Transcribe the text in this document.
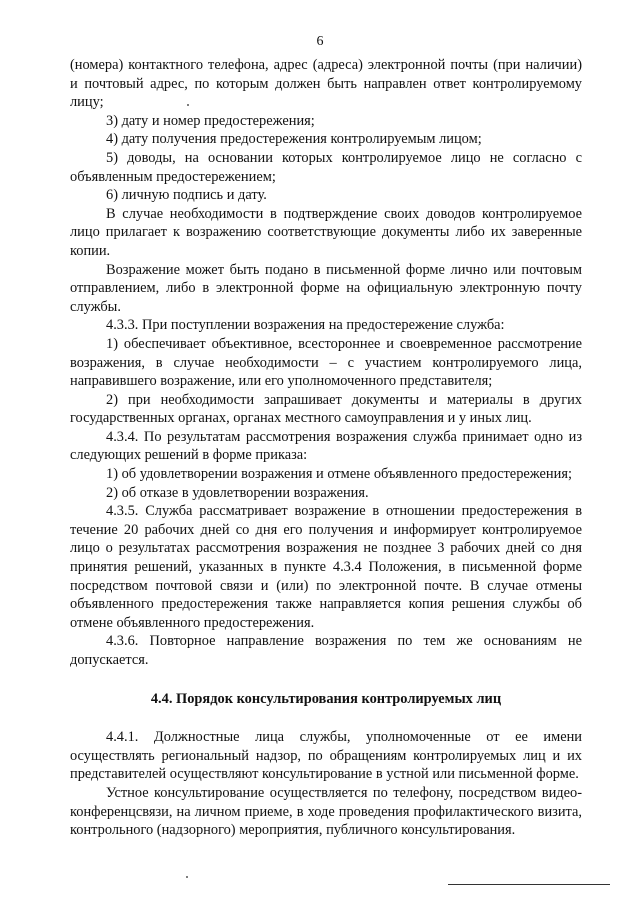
6

(номера) контактного телефона, адрес (адреса) электронной почты (при наличии) и почтовый адрес, по которым должен быть направлен ответ контролируемому лицу;

3) дату и номер предостережения;

4) дату получения предостережения контролируемым лицом;

5) доводы, на основании которых контролируемое лицо не согласно с объявленным предостережением;

6) личную подпись и дату.

В случае необходимости в подтверждение своих доводов контролируемое лицо прилагает к возражению соответствующие документы либо их заверенные копии.

Возражение может быть подано в письменной форме лично или почтовым отправлением, либо в электронной форме на официальную электронную почту службы.

4.3.3. При поступлении возражения на предостережение служба:

1) обеспечивает объективное, всестороннее и своевременное рассмотрение возражения, в случае необходимости – с участием контролируемого лица, направившего возражение, или его уполномоченного представителя;

2) при необходимости запрашивает документы и материалы в других государственных органах, органах местного самоуправления и у иных лиц.

4.3.4. По результатам рассмотрения возражения служба принимает одно из следующих решений в форме приказа:

1) об удовлетворении возражения и отмене объявленного предостережения;

2) об отказе в удовлетворении возражения.

4.3.5. Служба рассматривает возражение в отношении предостережения в течение 20 рабочих дней со дня его получения и информирует контролируемое лицо о результатах рассмотрения возражения не позднее 3 рабочих дней со дня принятия решений, указанных в пункте 4.3.4 Положения, в письменной форме посредством почтовой связи и (или) по электронной почте. В случае отмены объявленного предостережения также направляется копия решения службы об отмене объявленного предостережения.

4.3.6. Повторное направление возражения по тем же основаниям не допускается.

4.4. Порядок консультирования контролируемых лиц

4.4.1. Должностные лица службы, уполномоченные от ее имени осуществлять региональный надзор, по обращениям контролируемых лиц и их представителей осуществляют консультирование в устной или письменной форме.

Устное консультирование осуществляется по телефону, посредством видео-конференцсвязи, на личном приеме, в ходе проведения профилактического визита, контрольного (надзорного) мероприятия, публичного консультирования.
